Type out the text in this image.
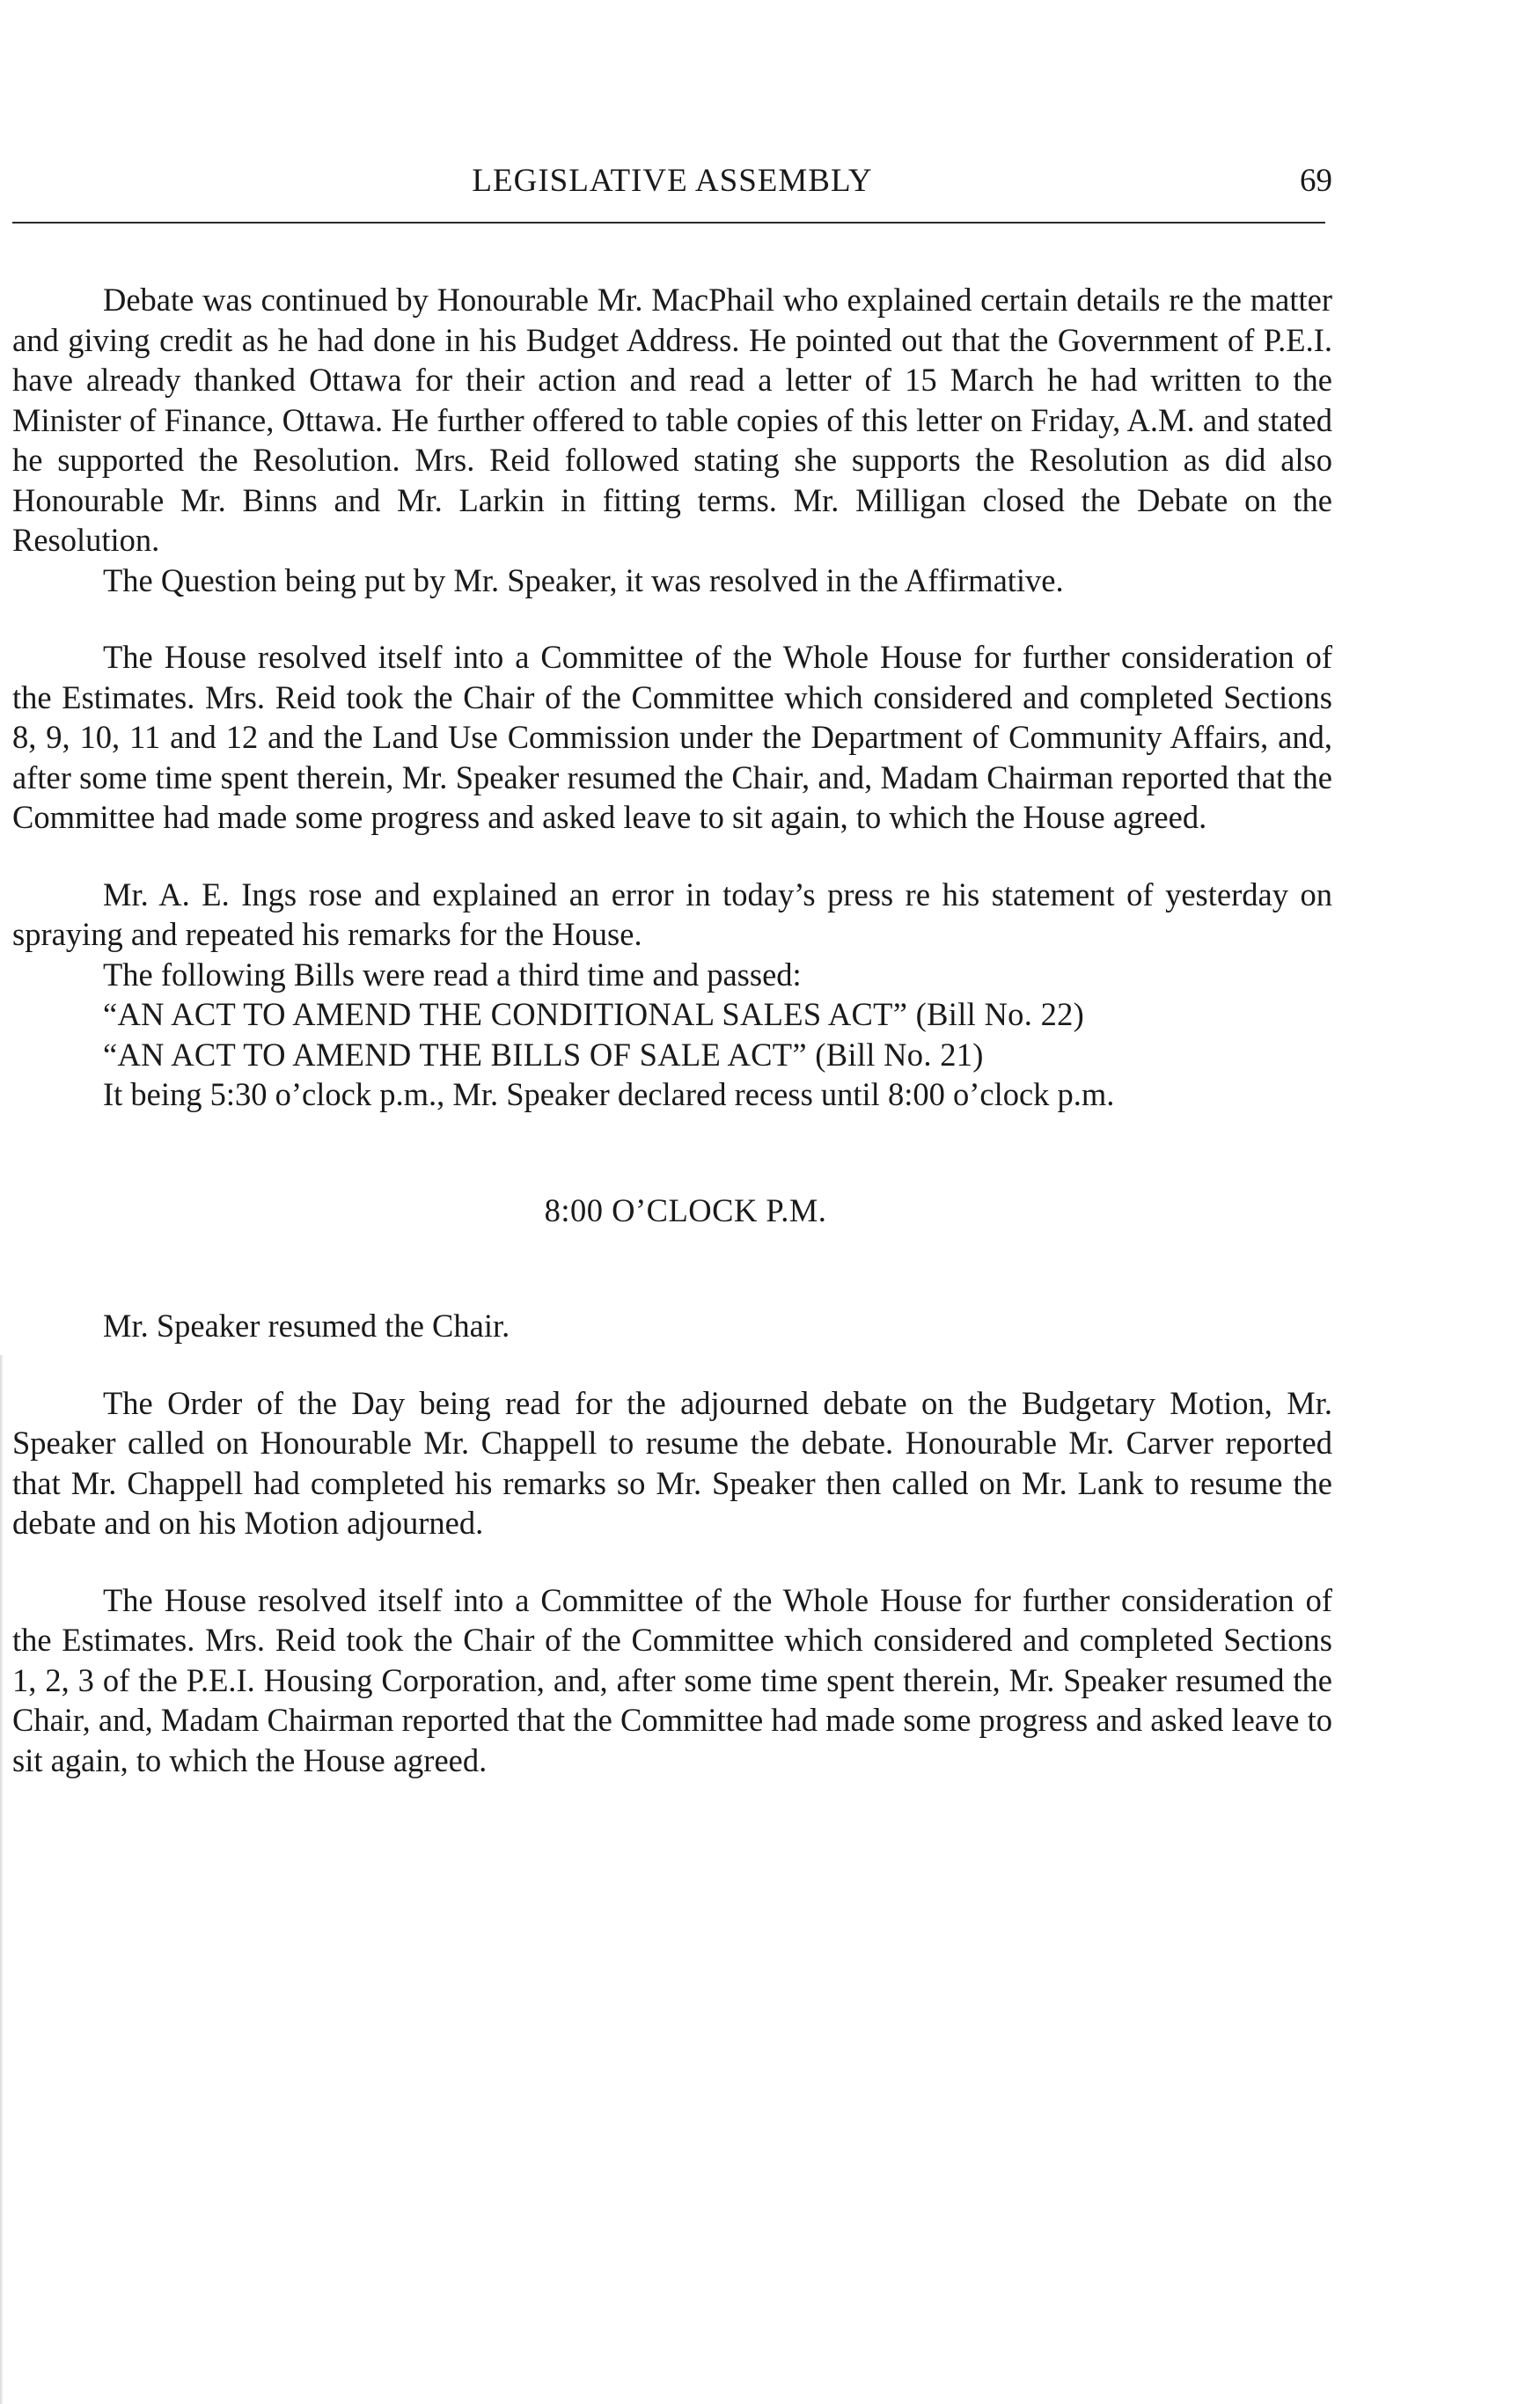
LEGISLATIVE ASSEMBLY	69

Debate was continued by Honourable Mr. MacPhail who explained certain details re the matter and giving credit as he had done in his Budget Address. He pointed out that the Government of P.E.I. have already thanked Ottawa for their action and read a letter of 15 March he had written to the Minister of Finance, Ottawa. He further offered to table copies of this letter on Friday, A.M. and stated he supported the Resolution. Mrs. Reid followed stating she supports the Resolution as did also Honourable Mr. Binns and Mr. Larkin in fitting terms. Mr. Milligan closed the Debate on the Resolution.

The Question being put by Mr. Speaker, it was resolved in the Affirmative.

The House resolved itself into a Committee of the Whole House for further consideration of the Estimates. Mrs. Reid took the Chair of the Committee which considered and completed Sections 8, 9, 10, 11 and 12 and the Land Use Commission under the Department of Community Affairs, and, after some time spent therein, Mr. Speaker resumed the Chair, and, Madam Chairman reported that the Committee had made some progress and asked leave to sit again, to which the House agreed.

Mr. A. E. Ings rose and explained an error in today’s press re his statement of yesterday on spraying and repeated his remarks for the House.

The following Bills were read a third time and passed:

“AN ACT TO AMEND THE CONDITIONAL SALES ACT” (Bill No. 22)

“AN ACT TO AMEND THE BILLS OF SALE ACT” (Bill No. 21)

It being 5:30 o’clock p.m., Mr. Speaker declared recess until 8:00 o’clock p.m.

8:00 O’CLOCK P.M.

Mr. Speaker resumed the Chair.

The Order of the Day being read for the adjourned debate on the Budgetary Motion, Mr. Speaker called on Honourable Mr. Chappell to resume the debate. Honourable Mr. Carver reported that Mr. Chappell had completed his remarks so Mr. Speaker then called on Mr. Lank to resume the debate and on his Motion adjourned.

The House resolved itself into a Committee of the Whole House for further consideration of the Estimates. Mrs. Reid took the Chair of the Committee which considered and completed Sections 1, 2, 3 of the P.E.I. Housing Corporation, and, after some time spent therein, Mr. Speaker resumed the Chair, and, Madam Chairman reported that the Committee had made some progress and asked leave to sit again, to which the House agreed.
